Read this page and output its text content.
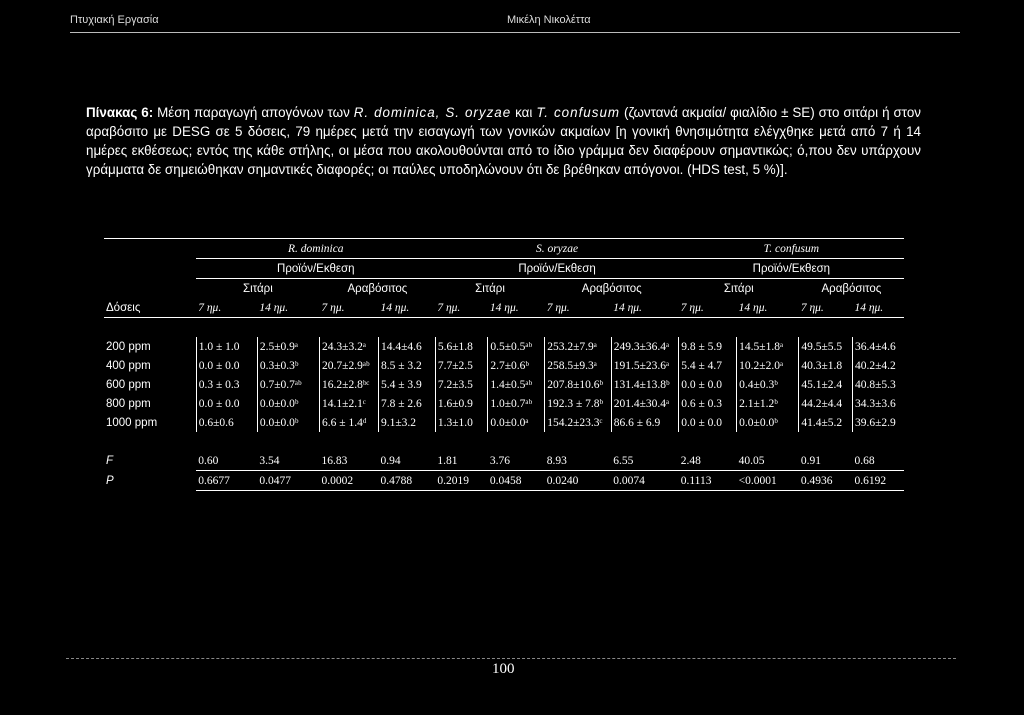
Πτυχιακή Εργασία	Μικέλη Νικολέττα
Πίνακας 6: Μέση παραγωγή απογόνων των R. dominica, S. oryzae και T. confusum (ζωντανά ακμαία/ φιαλίδιο ± SE) στο σιτάρι ή στον αραβόσιτο με DESG σε 5 δόσεις, 79 ημέρες μετά την εισαγωγή των γονικών ακμαίων [η γονική θνησιμότητα ελέγχθηκε μετά από 7 ή 14 ημέρες εκθέσεως; εντός της κάθε στήλης, οι μέσα που ακολουθούνται από το ίδιο γράμμα δεν διαφέρουν σημαντικώς; ό,που δεν υπάρχουν γράμματα δε σημειώθηκαν σημαντικές διαφορές; οι παύλες υποδηλώνουν ότι δε βρέθηκαν απόγονοι. (HDS test, 5 %)].
	R. dominica				S. oryzae				T. confusum			
	Προϊόν/Εκθεση				Προϊόν/Εκθεση				Προϊόν/Εκθεση			
	Σιτάρι		Αραβόσιτος		Σιτάρι		Αραβόσιτος		Σιτάρι		Αραβόσιτος	
Δόσεις	7 ημ.	14 ημ.	7 ημ.	14 ημ.	7 ημ.	14 ημ.	7 ημ.	14 ημ.	7 ημ.	14 ημ.	7 ημ.	14 ημ.

200 ppm	1.0 ± 1.0	2.5±0.9ᵃ	24.3±3.2ᵃ	14.4±4.6	5.6±1.8	0.5±0.5ᵃᵇ	253.2±7.9ᵃ	249.3±36.4ᵃ	9.8 ± 5.9	14.5±1.8ᵃ	49.5±5.5	36.4±4.6
400 ppm	0.0 ± 0.0	0.3±0.3ᵇ	20.7±2.9ᵃᵇ	8.5 ± 3.2	7.7±2.5	2.7±0.6ᵇ	258.5±9.3ᵃ	191.5±23.6ᵃ	5.4 ± 4.7	10.2±2.0ᵃ	40.3±1.8	40.2±4.2
600 ppm	0.3 ± 0.3	0.7±0.7ᵃᵇ	16.2±2.8ᵇᶜ	5.4 ± 3.9	7.2±3.5	1.4±0.5ᵃᵇ	207.8±10.6ᵇ	131.4±13.8ᵇ	0.0 ± 0.0	0.4±0.3ᵇ	45.1±2.4	40.8±5.3
800 ppm	0.0 ± 0.0	0.0±0.0ᵇ	14.1±2.1ᶜ	7.8 ± 2.6	1.6±0.9	1.0±0.7ᵃᵇ	192.3 ± 7.8ᵇ	201.4±30.4ᵃ	0.6 ± 0.3	2.1±1.2ᵇ	44.2±4.4	34.3±3.6
1000 ppm	0.6±0.6	0.0±0.0ᵇ	6.6 ± 1.4ᵈ	9.1±3.2	1.3±1.0	0.0±0.0ᵃ	154.2±23.3ᶜ	86.6 ± 6.9	0.0 ± 0.0	0.0±0.0ᵇ	41.4±5.2	39.6±2.9

F	0.60	3.54	16.83	0.94	1.81	3.76	8.93	6.55	2.48	40.05	0.91	0.68
P	0.6677	0.0477	0.0002	0.4788	0.2019	0.0458	0.0240	0.0074	0.1113	<0.0001	0.4936	0.6192
100
